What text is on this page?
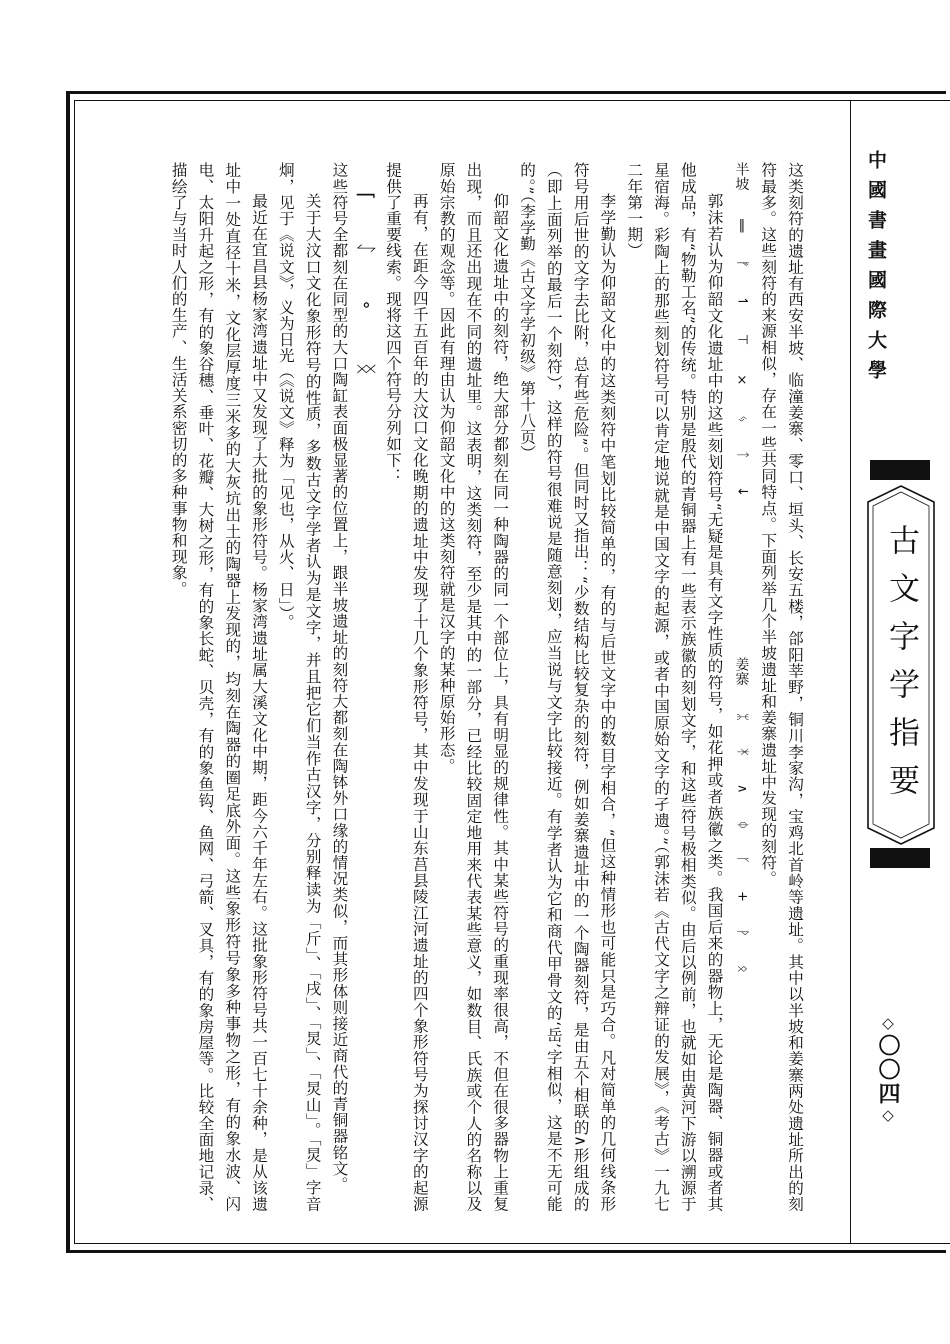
中國書畫國際大學
古文字学指要
◇〇〇四◇

这类刻符的遗址有西安半坡、临潼姜寨、零口、垣头、长安五楼，郃阳莘野，铜川李家沟，宝鸡北首岭等遗址。其中以半坡和姜寨两处遗址所出的刻符最多。这些刻符的来源相似，存在一些共同特点。下面列举几个半坡遗址和姜寨遗址中发现的刻符。

半坡 ‖ ᚠ ↿ ⊤ × ᛃ ᛏ ↓  姜寨 ᛯ ᛡ ∧ ᛰ ᚴ + ᚹ ᛟ

郭沫若认为仰韶文化遗址中的这些刻划符号“无疑是具有文字性质的符号，如花押或者族徽之类。我国后来的器物上，无论是陶器、铜器或者其他成品，有“物勒工名”的传统。特别是殷代的青铜器上有一些表示族徽的刻划文字，和这些符号极相类似。由后以例前，也就如由黄河下游以溯源于星宿海。彩陶上的那些刻划符号可以肯定地说就是中国文字的起源，或者中国原始文字的孑遗。”（郭沫若《古代文字之辩证的发展》，《考古》一九七二年第一期）

李学勤认为仰韶文化中的这类刻符中笔划比较简单的，有的与后世文字中的数目字相合，“但这种情形也可能只是巧合。凡对简单的几何线条形符号用后世的文字去比附，总有些危险”。但同时又指出：“少数结构比较复杂的刻符，例如姜寨遗址中的一个陶器刻符，是由五个相联的∧形组成的（即上面列举的最后一个刻符），这样的符号很难说是随意刻划，应当说与文字比较接近。有学者认为它和商代甲骨文的‘岳’字相似，这是不无可能的。”（李学勤《古文字学初级》第十八页）

仰韶文化遗址中的刻符，绝大部分都刻在同一种陶器的同一个部位上，具有明显的规律性。其中某些符号的重现率很高，不但在很多器物上重复出现，而且还出现在不同的遗址里。这表明，这类刻符，至少是其中的一部分，已经比较固定地用来代表某些意义，如数目、氏族或个人的名称以及原始宗教的观念等。因此有理由认为仰韶文化中的这类刻符就是汉字的某种原始形态。

再有，在距今四千五百年的大汶口文化晚期的遗址中发现了十几个象形符号，其中发现于山东莒县陵江河遗址的四个象形符号为探讨汉字的起源提供了重要线索。现将这四个符号分列如下：

⌈ ᛇ ᐤ ᛝ

这些符号全都刻在同型的大口陶缸表面极显著的位置上，跟半坡遗址的刻符大都刻在陶钵外口缘的情况类似，而其形体则接近商代的青铜器铭文。

关于大汶口文化象形符号的性质，多数古文字学者认为是文字，并且把它们当作古汉字，分别释读为「斤」、「戌」、「炅」、「炅山」。「炅」字音炯，见于《说文》，义为日光（《说文》释为「见也，从火、日」）。

最近在宜昌县杨家湾遗址中又发现了大批的象形符号。杨家湾遗址属大溪文化中期，距今六千年左右。这批象形符号共一百七十余种，是从该遗址中一处直径十米，文化层厚度三米多的大灰坑出土的陶器上发现的，均刻在陶器的圈足底外面。这些象形符号象多种事物之形，有的象水波、闪电、太阳升起之形，有的象谷穗、垂叶、花瓣、大树之形，有的象长蛇、贝壳，有的象鱼钩、鱼网、弓箭、叉具，有的象房屋等。比较全面地记录、描绘了与当时人们的生产、生活关系密切的多种事物和现象。
